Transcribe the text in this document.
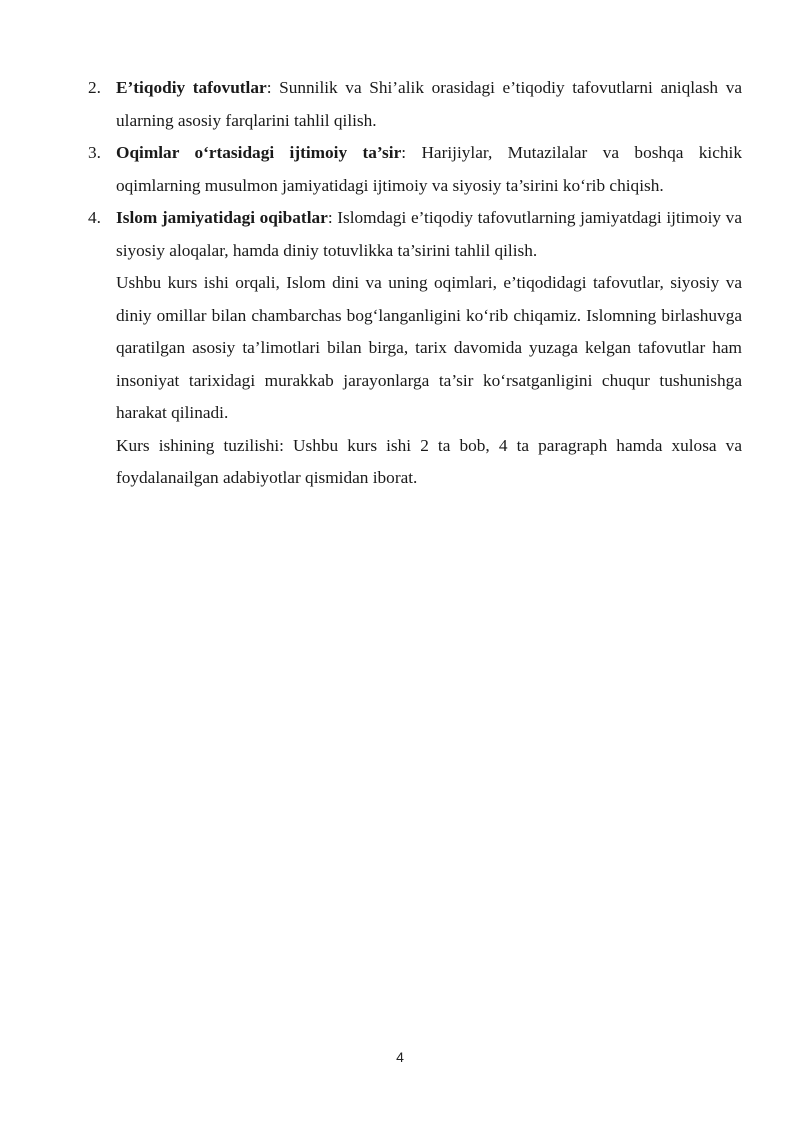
2. E’tiqodiy tafovutlar: Sunnilik va Shi’alik orasidagi e’tiqodiy tafovutlarni aniqlash va ularning asosiy farqlarini tahlil qilish.
3. Oqimlar o‘rtasidagi ijtimoiy ta’sir: Harijiylar, Mutazilalar va boshqa kichik oqimlarning musulmon jamiyatidagi ijtimoiy va siyosiy ta’sirini ko‘rib chiqish.
4. Islom jamiyatidagi oqibatlar: Islomdagi e’tiqodiy tafovutlarning jamiyatdagi ijtimoiy va siyosiy aloqalar, hamda diniy totuvlikka ta’sirini tahlil qilish.

Ushbu kurs ishi orqali, Islom dini va uning oqimlari, e’tiqodidagi tafovutlar, siyosiy va diniy omillar bilan chambarchas bog‘langanligini ko‘rib chiqamiz. Islomning birlashuvga qaratilgan asosiy ta’limotlari bilan birga, tarix davomida yuzaga kelgan tafovutlar ham insoniyat tarixidagi murakkab jarayonlarga ta’sir ko‘rsatganligini chuqur tushunishga harakat qilinadi.

Kurs ishining tuzilishi: Ushbu kurs ishi 2 ta bob, 4 ta paragraph hamda xulosa va foydalanailgan adabiyotlar qismidan iborat.

4
